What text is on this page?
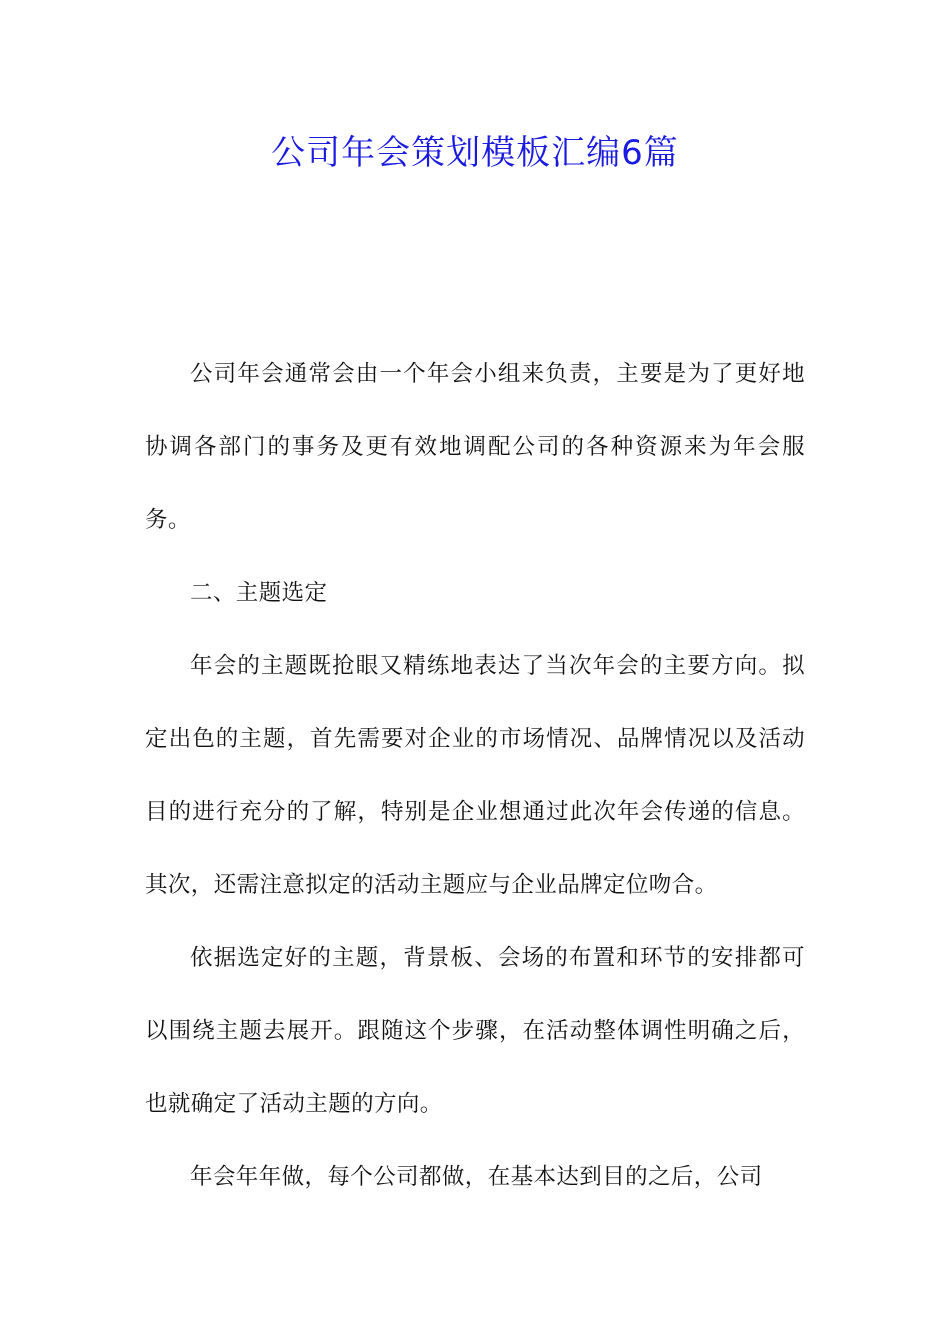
公司年会策划模板汇编6篇

公司年会通常会由一个年会小组来负责，主要是为了更好地协调各部门的事务及更有效地调配公司的各种资源来为年会服务。

二、主题选定

年会的主题既抢眼又精练地表达了当次年会的主要方向。拟定出色的主题，首先需要对企业的市场情况、品牌情况以及活动目的进行充分的了解，特别是企业想通过此次年会传递的信息。其次，还需注意拟定的活动主题应与企业品牌定位吻合。

依据选定好的主题，背景板、会场的布置和环节的安排都可以围绕主题去展开。跟随这个步骤，在活动整体调性明确之后，也就确定了活动主题的方向。

年会年年做，每个公司都做，在基本达到目的之后，公司
